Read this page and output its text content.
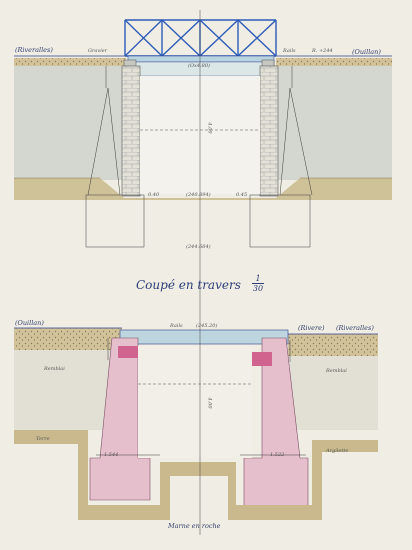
(Riveralles)	(Ouillan)
Gravier	Rails	R. +244
(Ox4.80)
4.00
0.40	(240.894)	0.45
(244.664)
Coupé en travers	1
30
(Ouillan)
(Rivere) (Riveralles)
Rails	(245.20)
Remblai	Remblai
Terre
Argilette
1.544	1.522
4.00
Marne en roche
